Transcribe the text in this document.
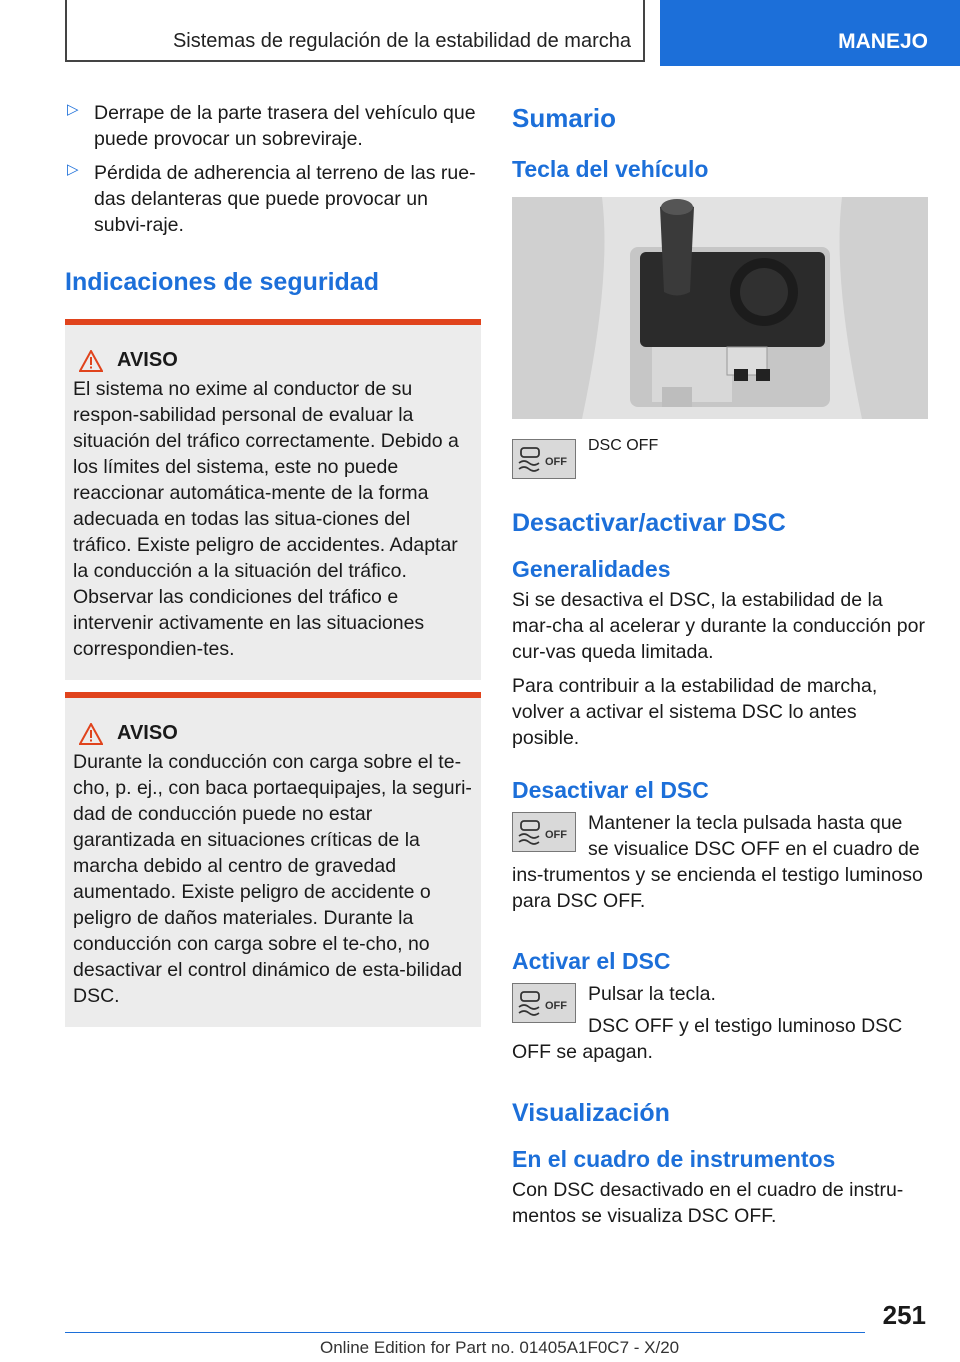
Sistemas de regulación de la estabilidad de marcha	MANEJO
▷ Derrape de la parte trasera del vehículo que puede provocar un sobreviraje.

▷ Pérdida de adherencia al terreno de las rue-das delanteras que puede provocar un subvi-raje.

Indicaciones de seguridad
AVISO

El sistema no exime al conductor de su respon-sabilidad personal de evaluar la situación del tráfico correctamente. Debido a los límites del sistema, este no puede reaccionar automática-mente de la forma adecuada en todas las situa-ciones del tráfico. Existe peligro de accidentes. Adaptar la conducción a la situación del tráfico. Observar las condiciones del tráfico e intervenir activamente en las situaciones correspondien-tes.

AVISO

Durante la conducción con carga sobre el te-cho, p. ej., con baca portaequipajes, la seguri-dad de conducción puede no estar garantizada en situaciones críticas de la marcha debido al centro de gravedad aumentado. Existe peligro de accidente o peligro de daños materiales. Durante la conducción con carga sobre el te-cho, no desactivar el control dinámico de esta-bilidad DSC.

Sumario
Tecla del vehículo
OFF
DSC OFF
Desactivar/activar DSC
Generalidades

Si se desactiva el DSC, la estabilidad de la mar-cha al acelerar y durante la conducción por cur-vas queda limitada.

Para contribuir a la estabilidad de marcha, volver a activar el sistema DSC lo antes posible.

Desactivar el DSC
OFF

Mantener la tecla pulsada hasta que se visualice DSC OFF en el cuadro de ins-trumentos y se encienda el testigo luminoso para DSC OFF.

Activar el DSC
OFF

Pulsar la tecla.

DSC OFF y el testigo luminoso DSC OFF se apagan.

Visualización
En el cuadro de instrumentos

Con DSC desactivado en el cuadro de instru-mentos se visualiza DSC OFF.

251
Online Edition for Part no. 01405A1F0C7 - X/20
